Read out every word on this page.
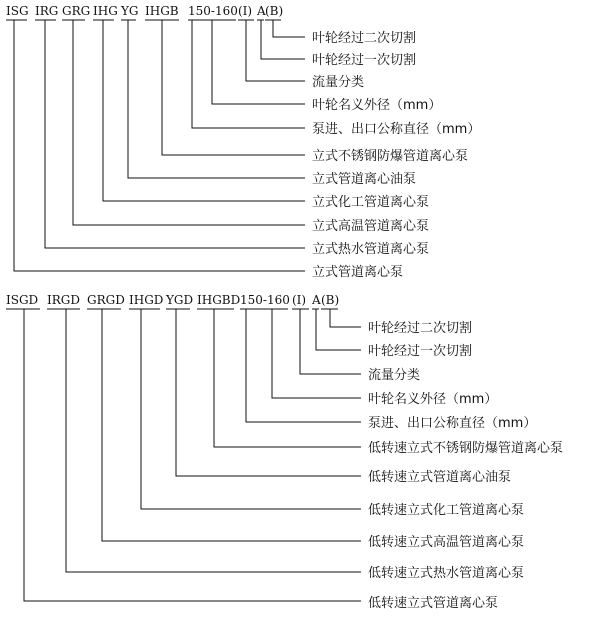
ISG IRG GRG IHG YG IHGB 150-160 (I) A (B)
叶轮经过二次切割
叶轮经过一次切割
流量分类
叶轮名义外径（mm）
泵进、出口公称直径（mm）
立式不锈钢防爆管道离心泵
立式管道离心油泵
立式化工管道离心泵
立式高温管道离心泵
立式热水管道离心泵
立式管道离心泵
ISGD IRGD GRGD IHGD YGD IHGBD 150-160 (I) A (B)
叶轮经过二次切割
叶轮经过一次切割
流量分类
叶轮名义外径（mm）
泵进、出口公称直径（mm）
低转速立式不锈钢防爆管道离心泵
低转速立式管道离心油泵
低转速立式化工管道离心泵
低转速立式高温管道离心泵
低转速立式热水管道离心泵
低转速立式管道离心泵
